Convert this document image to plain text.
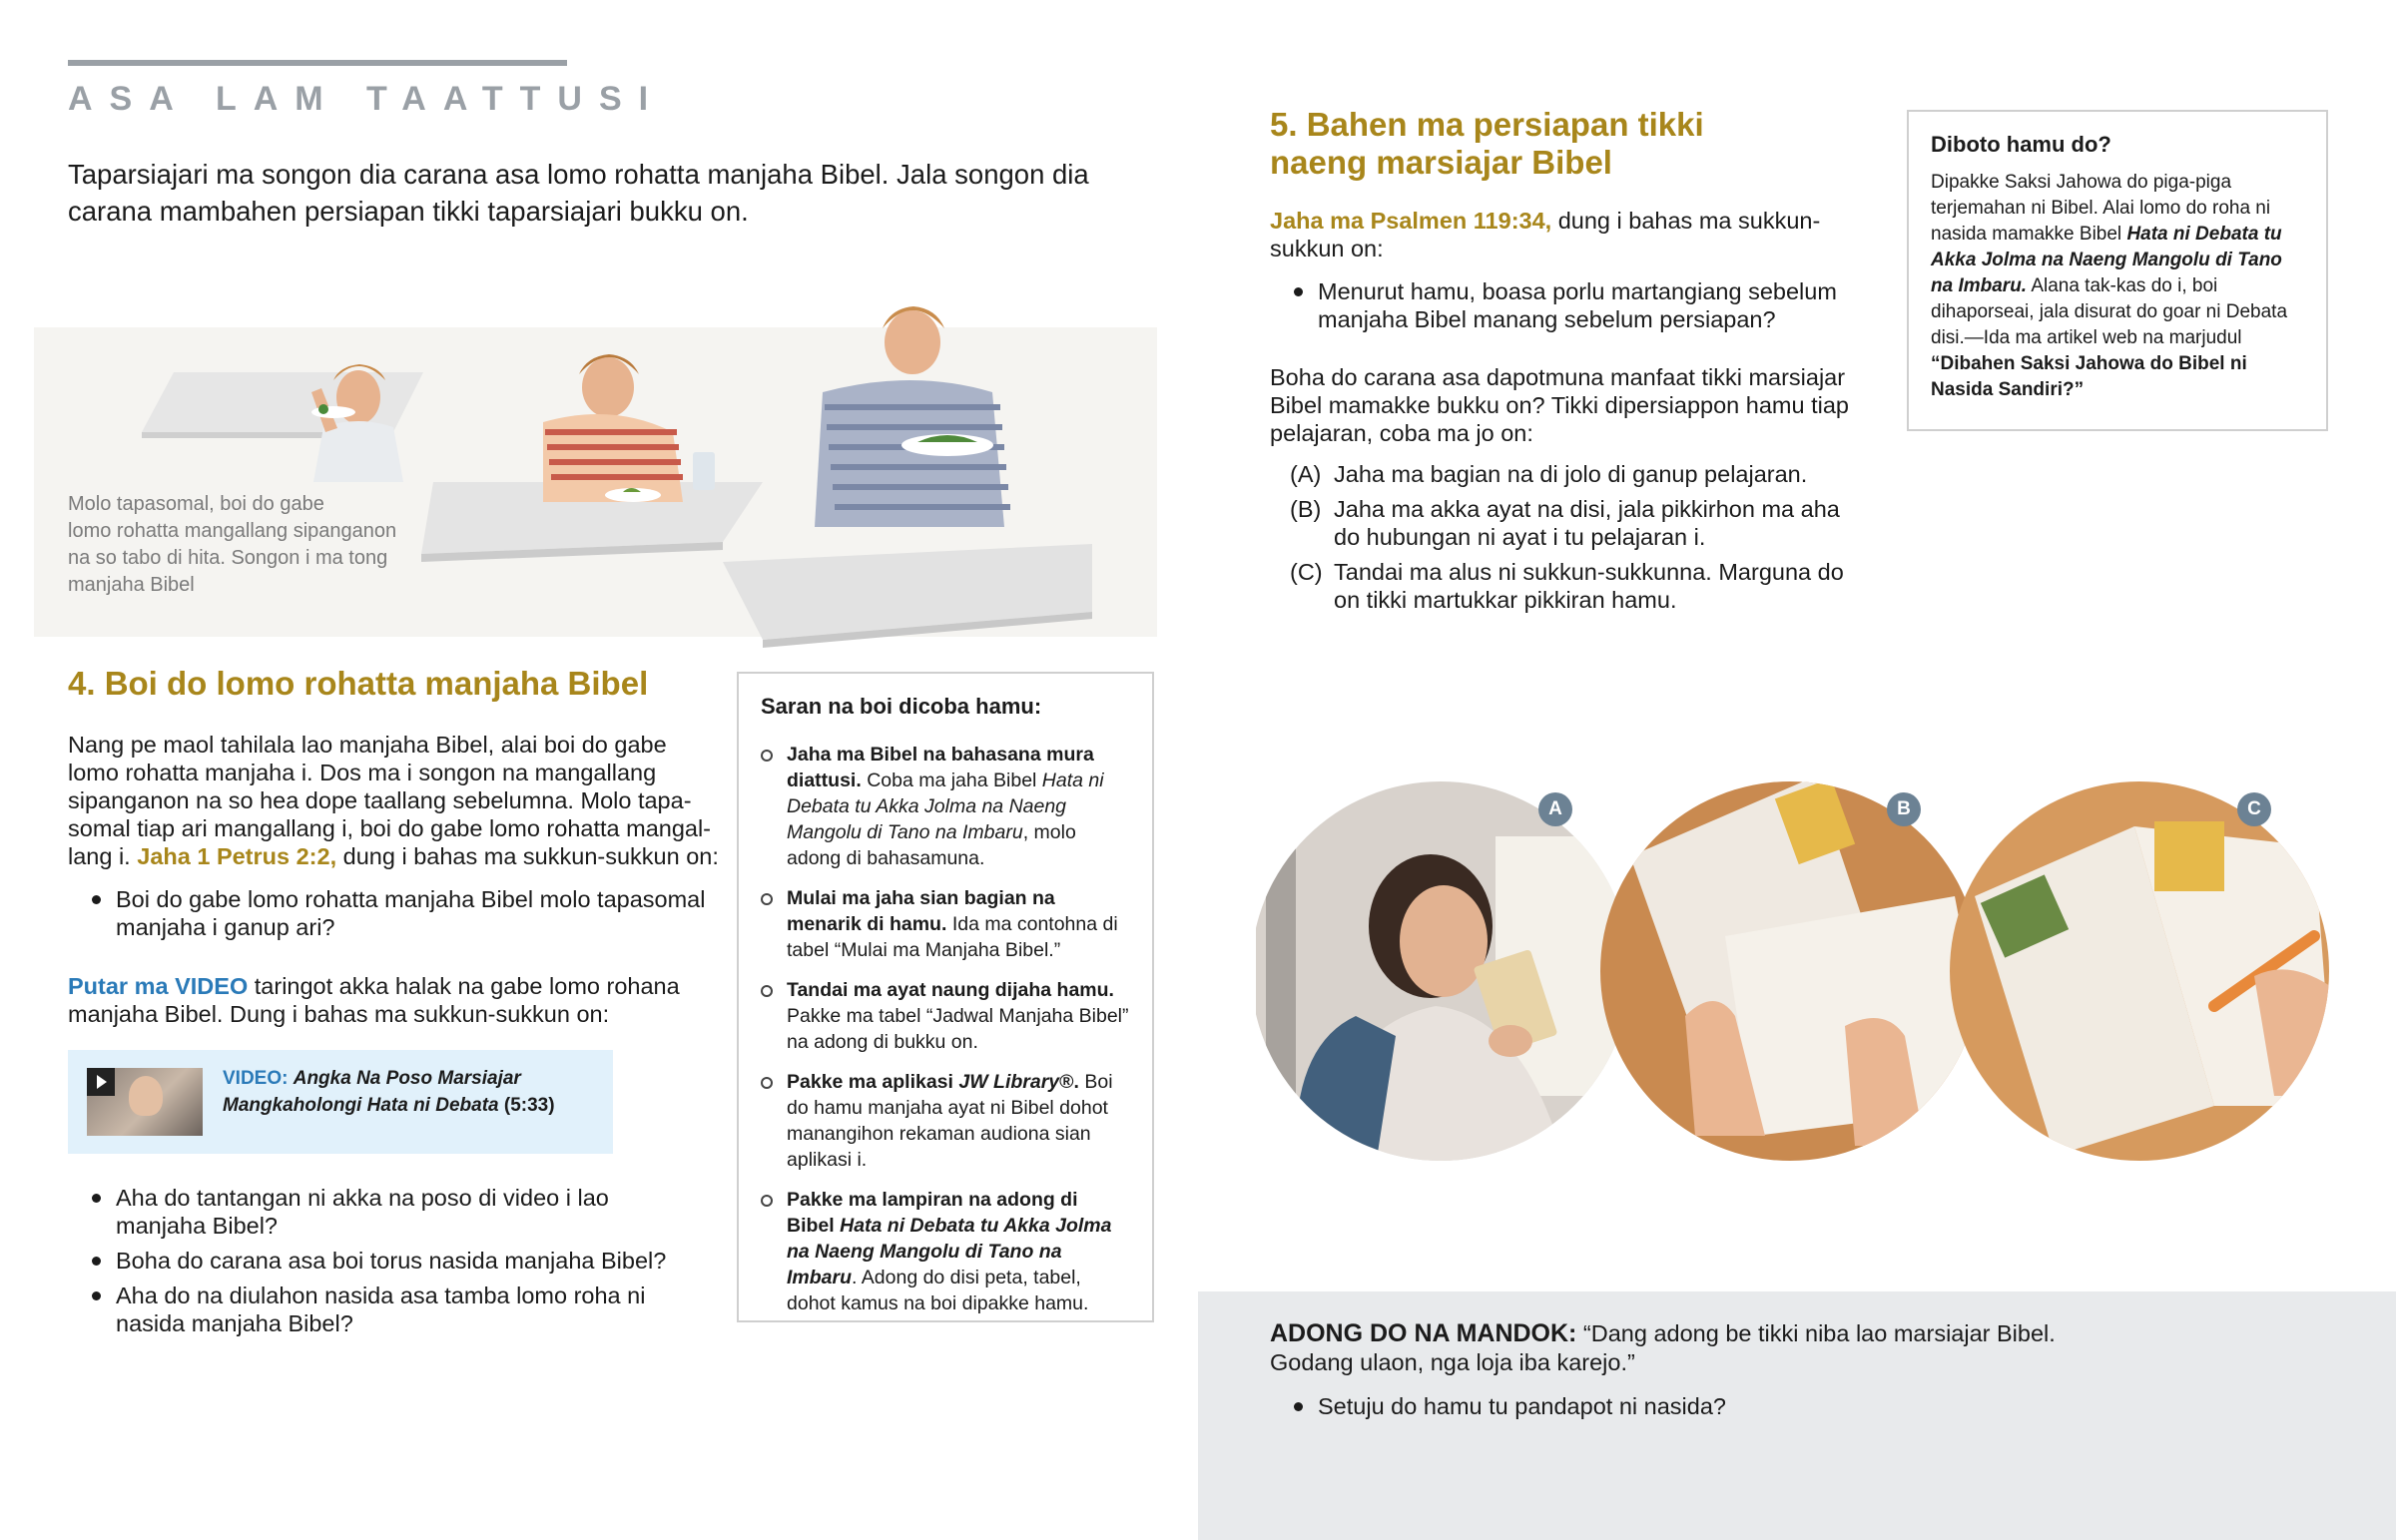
ASA LAM TAATTUSI

Taparsiajari ma songon dia carana asa lomo rohatta manjaha Bibel. Jala songon dia carana mambahen persiapan tikki taparsiajari bukku on.

Molo tapasomal, boi do gabe
lomo rohatta mangallang sipanganon
na so tabo di hita. Songon i ma tong
manjaha Bibel
4. Boi do lomo rohatta manjaha Bibel
Nang pe maol tahilala lao manjaha Bibel, alai boi do gabe
lomo rohatta manjaha i. Dos ma i songon na mangallang
sipanganon na so hea dope taallang sebelumna. Molo tapa-
somal tiap ari mangallang i, boi do gabe lomo rohatta mangal-
lang i. Jaha 1 Petrus 2:2, dung i bahas ma sukkun-sukkun on:
Boi do gabe lomo rohatta manjaha Bibel molo tapasomal manjaha i ganup ari?

Putar ma VIDEO taringot akka halak na gabe lomo rohana manjaha Bibel. Dung i bahas ma sukkun-sukkun on:

VIDEO: Angka Na Poso Marsiajar
Mangkaholongi Hata ni Debata (5:33)
Aha do tantangan ni akka na poso di video i lao manjaha Bibel?
Boha do carana asa boi torus nasida manjaha Bibel?
Aha do na diulahon nasida asa tamba lomo roha ni nasida manjaha Bibel?
Saran na boi dicoba hamu:
Jaha ma Bibel na bahasana mura diattusi. Coba ma jaha Bibel Hata ni Debata tu Akka Jolma na Naeng Mangolu di Tano na Imbaru, molo adong di bahasamuna.
Mulai ma jaha sian bagian na menarik di hamu. Ida ma contohna di tabel “Mulai ma Manjaha Bibel.”
Tandai ma ayat naung dijaha hamu. Pakke ma tabel “Jadwal Manjaha Bibel” na adong di bukku on.
Pakke ma aplikasi JW Library®. Boi do hamu manjaha ayat ni Bibel dohot manangihon rekaman audiona sian aplikasi i.
Pakke ma lampiran na adong di Bibel Hata ni Debata tu Akka Jolma na Naeng Mangolu di Tano na Imbaru. Adong do disi peta, tabel, dohot kamus na boi dipakke hamu.
5. Bahen ma persiapan tikki
naeng marsiajar Bibel

Jaha ma Psalmen 119:34, dung i bahas ma sukkun-sukkun on:

Menurut hamu, boasa porlu martangiang sebelum manjaha Bibel manang sebelum persiapan?

Boha do carana asa dapotmuna manfaat tikki marsiajar Bibel mamakke bukku on? Tikki dipersiappon hamu tiap pelajaran, coba ma jo on:

(A) Jaha ma bagian na di jolo di ganup pelajaran.
(B) Jaha ma akka ayat na disi, jala pikkirhon ma aha do hubungan ni ayat i tu pelajaran i.
(C) Tandai ma alus ni sukkun-sukkunna. Marguna do on tikki martukkar pikkiran hamu.
Diboto hamu do?
Dipakke Saksi Jahowa do piga-piga terjemahan ni Bibel. Alai lomo do roha ni nasida mamakke Bibel Hata ni Debata tu Akka Jolma na Naeng Mangolu di Tano na Imbaru. Alana tak-kas do i, boi dihaporseai, jala disurat do goar ni Debata disi.—Ida ma artikel web na marjudul “Dibahen Saksi Jahowa do Bibel ni Nasida Sandiri?”
A	B	C

ADONG DO NA MANDOK: “Dang adong be tikki niba lao marsiajar Bibel. Godang ulaon, nga loja iba karejo.”

Setuju do hamu tu pandapot ni nasida?
